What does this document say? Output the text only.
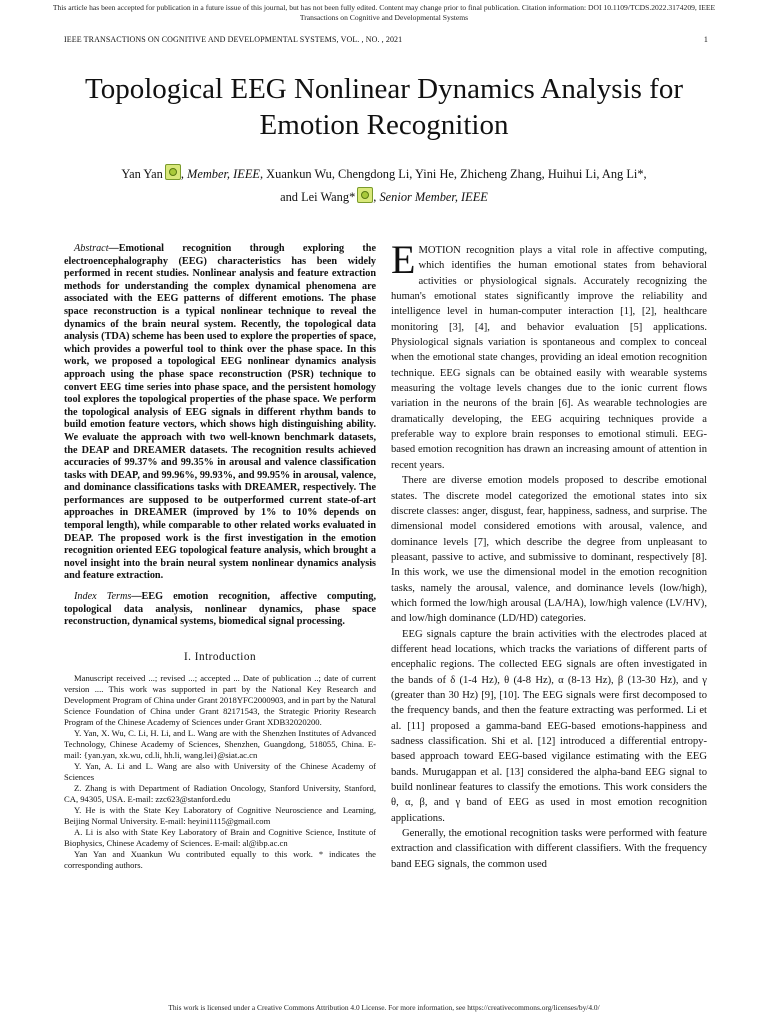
This article has been accepted for publication in a future issue of this journal, but has not been fully edited. Content may change prior to final publication. Citation information: DOI 10.1109/TCDS.2022.3174209, IEEE
Transactions on Cognitive and Developmental Systems
IEEE TRANSACTIONS ON COGNITIVE AND DEVELOPMENTAL SYSTEMS, VOL. , NO. , 2021	1
Topological EEG Nonlinear Dynamics Analysis for
Emotion Recognition
Yan Yan , Member, IEEE, Xuankun Wu, Chengdong Li, Yini He, Zhicheng Zhang, Huihui Li, Ang Li*,
and Lei Wang* , Senior Member, IEEE

Abstract—Emotional recognition through exploring the electroencephalography (EEG) characteristics has been widely performed in recent studies. Nonlinear analysis and feature extraction methods for understanding the complex dynamical phenomena are associated with the EEG patterns of different emotions. The phase space reconstruction is a typical nonlinear technique to reveal the dynamics of the brain neural system. Recently, the topological data analysis (TDA) scheme has been used to explore the properties of space, which provides a powerful tool to think over the phase space. In this work, we proposed a topological EEG nonlinear dynamics analysis approach using the phase space reconstruction (PSR) technique to convert EEG time series into phase space, and the persistent homology tool explores the topological properties of the phase space. We perform the topological analysis of EEG signals in different rhythm bands to build emotion feature vectors, which shows high distinguishing ability. We evaluate the approach with two well-known benchmark datasets, the DEAP and DREAMER datasets. The recognition results achieved accuracies of 99.37% and 99.35% in arousal and valence classification tasks with DEAP, and 99.96%, 99.93%, and 99.95% in arousal, valence, and dominance classifications tasks with DREAMER, respectively. The performances are supposed to be outperformed current state-of-art approaches in DREAMER (improved by 1% to 10% depends on temporal length), while comparable to other related works evaluated in DEAP. The proposed work is the first investigation in the emotion recognition oriented EEG topological feature analysis, which brought a novel insight into the brain neural system nonlinear dynamics analysis and feature extraction.

Index Terms—EEG emotion recognition, affective computing, topological data analysis, nonlinear dynamics, phase space reconstruction, dynamical systems, biomedical signal processing.
I. Introduction

Manuscript received ...; revised ...; accepted ... Date of publication ..; date of current version .... This work was supported in part by the National Key Research and Development Program of China under Grant 2018YFC2000903, and in part by the Natural Science Foundation of China under Grant 82171543, the Strategic Priority Research Program of the Chinese Academy of Sciences under Grant XDB32020200.

Y. Yan, X. Wu, C. Li, H. Li, and L. Wang are with the Shenzhen Institutes of Advanced Technology, Chinese Academy of Sciences, Shenzhen, Guangdong, 518055, China. E-mail: {yan.yan, xk.wu, cd.li, hh.li, wang.lei}@siat.ac.cn

Y. Yan, A. Li and L. Wang are also with University of the Chinese Academy of Sciences

Z. Zhang is with Department of Radiation Oncology, Stanford University, Stanford, CA, 94305, USA. E-mail: zzc623@stanford.edu

Y. He is with the State Key Laboratory of Cognitive Neuroscience and Learning, Beijing Normal University. E-mail: heyini1115@gmail.com

A. Li is also with State Key Laboratory of Brain and Cognitive Science, Institute of Biophysics, Chinese Academy of Sciences. E-mail: al@ibp.ac.cn

Yan Yan and Xuankun Wu contributed equally to this work. * indicates the corresponding authors.

EMOTION recognition plays a vital role in affective computing, which identifies the human emotional states from behavioral activities or physiological signals. Accurately recognizing the human's emotional states significantly improve the reliability and intelligence level in human-computer interaction [1], [2], healthcare monitoring [3], [4], and behavior evaluation [5] applications. Physiological signals variation is spontaneous and complex to conceal when the emotional state changes, providing an ideal emotion recognition technique. EEG signals can be obtained easily with wearable systems measuring the voltage levels changes due to the ionic current flows variation in the neurons of the brain [6]. As wearable technologies are dramatically developing, the EEG acquiring techniques provide a preferable way to explore brain responses to emotional stimuli. EEG-based emotion recognition has drawn an increasing amount of attention in recent years.

There are diverse emotion models proposed to describe emotional states. The discrete model categorized the emotional states into six discrete classes: anger, disgust, fear, happiness, sadness, and surprise. The dimensional model considered emotions with arousal, valence, and dominance levels [7], which describe the degree from unpleasant to pleasant, passive to active, and submissive to dominant, respectively [8]. In this work, we use the dimensional model in the emotion recognition tasks, namely the arousal, valence, and dominance levels (low/high), which formed the low/high arousal (LA/HA), low/high valence (LV/HV), and low/high dominance (LD/HD) categories.

EEG signals capture the brain activities with the electrodes placed at different head locations, which tracks the variations of different parts of encephalic regions. The collected EEG signals are often investigated in the bands of δ (1-4 Hz), θ (4-8 Hz), α (8-13 Hz), β (13-30 Hz), and γ (greater than 30 Hz) [9], [10]. The EEG signals were first decomposed to the frequency bands, and then the feature extracting was performed. Li et al. [11] proposed a gamma-band EEG-based emotions-happiness and sadness classification. Shi et al. [12] introduced a differential entropy-based approach toward EEG-based vigilance estimating with the EEG bands. Murugappan et al. [13] considered the alpha-band EEG signal to build nonlinear features to classify the emotions. This work considers the θ, α, β, and γ band of EEG as used in most emotion recognition applications.

Generally, the emotional recognition tasks were performed with feature extraction and classification with different classifiers. With the frequency band EEG signals, the common used

This work is licensed under a Creative Commons Attribution 4.0 License. For more information, see https://creativecommons.org/licenses/by/4.0/
